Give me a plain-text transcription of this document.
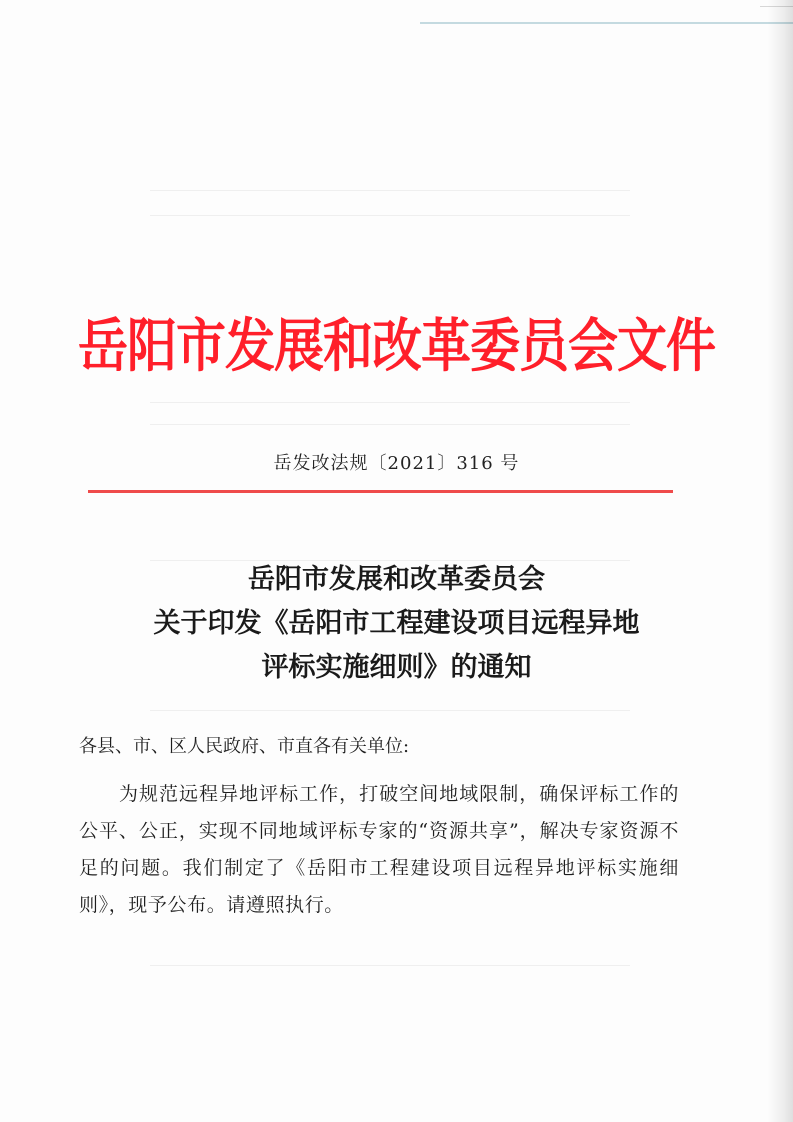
岳阳市发展和改革委员会文件
岳发改法规〔2021〕316 号
岳阳市发展和改革委员会
关于印发《岳阳市工程建设项目远程异地
评标实施细则》的通知
各县、市、区人民政府、市直各有关单位:
为规范远程异地评标工作，打破空间地域限制，确保评标工作的公平、公正，实现不同地域评标专家的“资源共享”，解决专家资源不足的问题。我们制定了《岳阳市工程建设项目远程异地评标实施细则》，现予公布。请遵照执行。
